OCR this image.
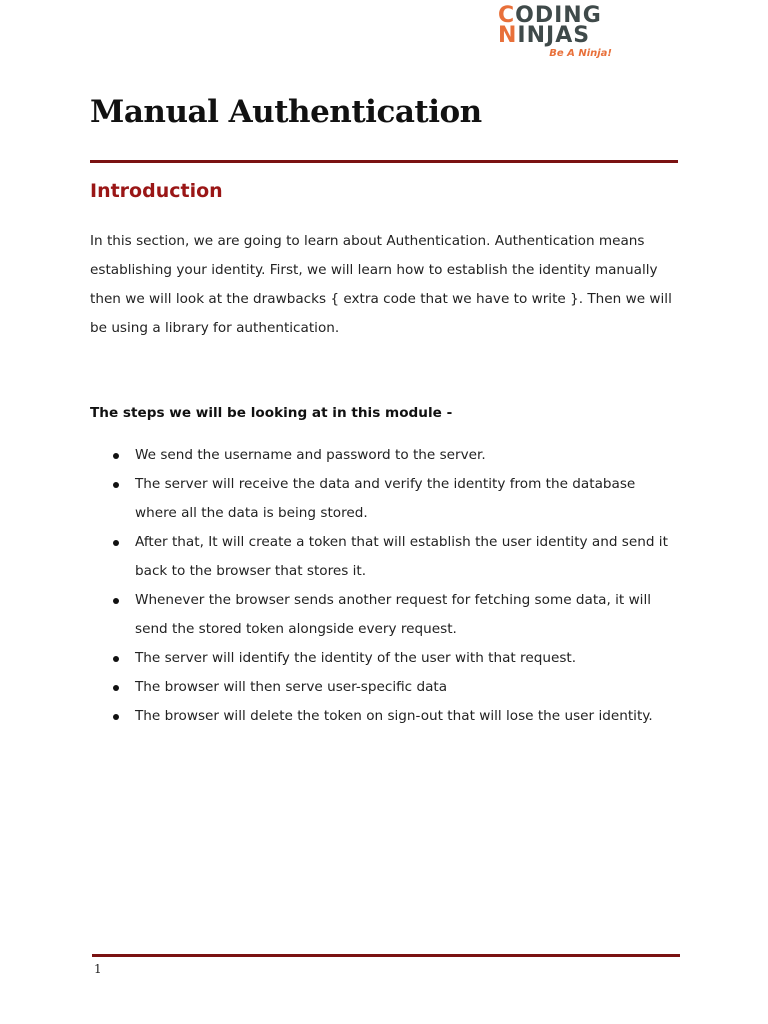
CODING
NINJAS
Be A Ninja!
Manual Authentication
Introduction

In this section, we are going to learn about Authentication. Authentication means establishing your identity. First, we will learn how to establish the identity manually then we will look at the drawbacks { extra code that we have to write }. Then we will be using a library for authentication.

The steps we will be looking at in this module -

We send the username and password to the server.
The server will receive the data and verify the identity from the database where all the data is being stored.
After that, It will create a token that will establish the user identity and send it back to the browser that stores it.
Whenever the browser sends another request for fetching some data, it will send the stored token alongside every request.
The server will identify the identity of the user with that request.
The browser will then serve user-specific data
The browser will delete the token on sign-out that will lose the user identity.
1
